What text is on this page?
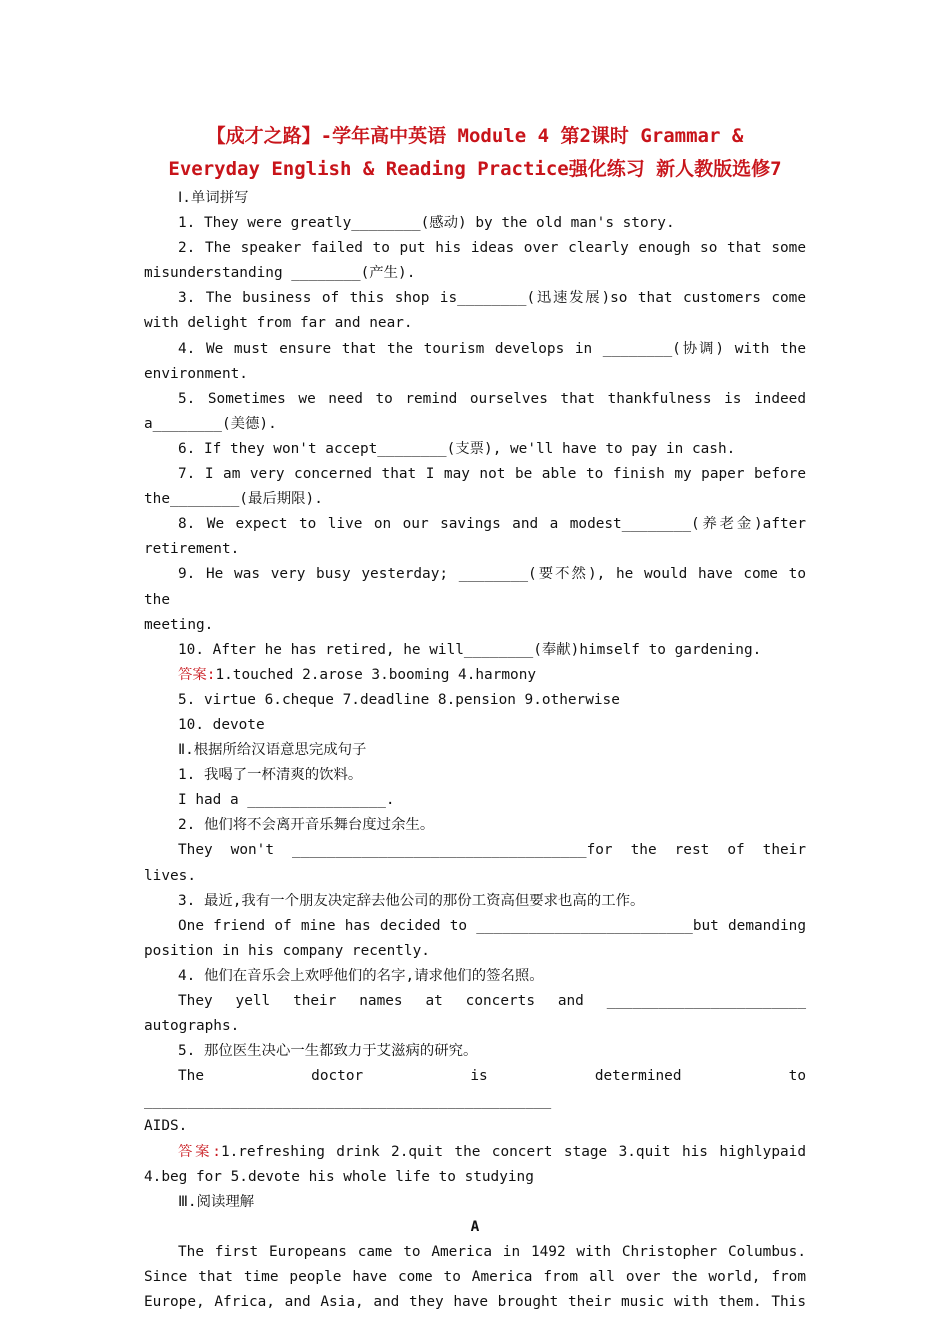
【成才之路】-学年高中英语 Module 4 第2课时 Grammar &
Everyday English & Reading Practice强化练习 新人教版选修7

Ⅰ.单词拼写

1. They were greatly________(感动) by the old man's story.

2. The speaker failed to put his ideas over clearly enough so that some

misunderstanding ________(产生).

3. The business of this shop is________(迅速发展)so that customers come

with delight from far and near.

4. We must ensure that the tourism develops in ________(协调) with the

environment.

5. Sometimes we need to remind ourselves that thankfulness is indeed

a________(美德).

6. If they won't accept________(支票), we'll have to pay in cash.

7. I am very concerned that I may not be able to finish my paper before

the________(最后期限).

8. We expect to live on our savings and a modest________(养老金)after

retirement.

9. He was very busy yesterday; ________(要不然), he would have come to the

meeting.

10. After he has retired, he will________(奉献)himself to gardening.

答案:1.touched 2.arose 3.booming 4.harmony

5. virtue 6.cheque 7.deadline 8.pension 9.otherwise

10. devote

Ⅱ.根据所给汉语意思完成句子

1. 我喝了一杯清爽的饮料。

I had a ________________.

2. 他们将不会离开音乐舞台度过余生。

They won't __________________________________for the rest of their lives.

3. 最近,我有一个朋友决定辞去他公司的那份工资高但要求也高的工作。

One friend of mine has decided to _________________________but demanding

position in his company recently.

4. 他们在音乐会上欢呼他们的名字,请求他们的签名照。

They yell their names at concerts and _______________________ autographs.

5. 那位医生决心一生都致力于艾滋病的研究。

The doctor is determined to _______________________________________________

AIDS.

答案:1.refreshing drink 2.quit the concert stage 3.quit his highlypaid

4.beg for 5.devote his whole life to studying

Ⅲ.阅读理解

A

The first Europeans came to America in 1492 with Christopher Columbus.

Since that time people have come to America from all over the world, from

Europe, Africa, and Asia, and they have brought their music with them. This
